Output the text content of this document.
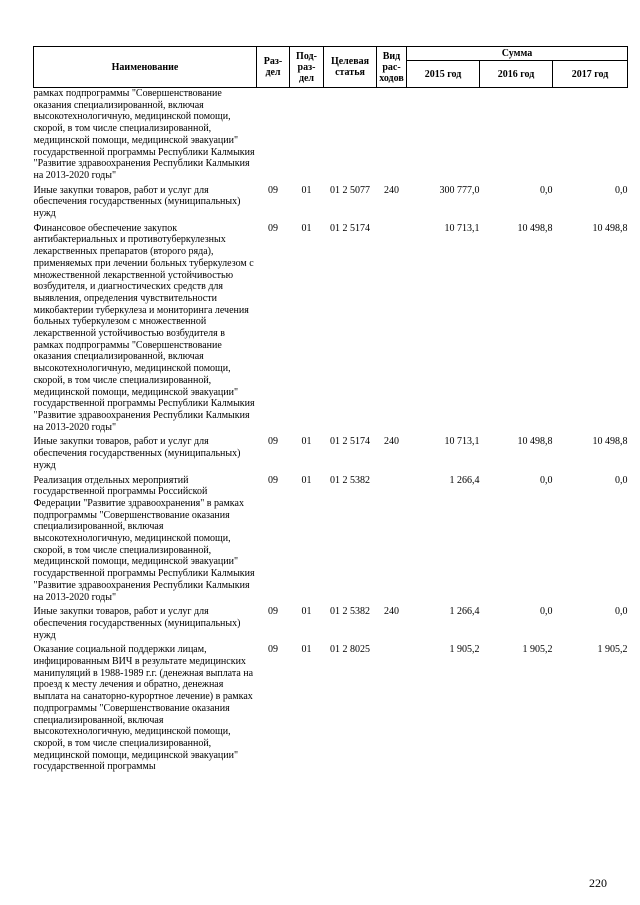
Наименование	Раз-дел	Под-раз-дел	Целевая статья	Вид рас-ходов	Сумма		
					2015 год	2016 год	2017 год
рамках подпрограммы "Совершенствование оказания специализированной, включая высокотехнологичную, медицинской помощи, скорой, в том числе специализированной, медицинской помощи, медицинской эвакуации" государственной программы Республики Калмыкия "Развитие здравоохранения Республики Калмыкия на 2013-2020 годы"							

Иные закупки товаров, работ и услуг для обеспечения государственных (муниципальных) нужд	09	01	01 2 5077	240	300 777,0	0,0	0,0

Финансовое обеспечение закупок антибактериальных и противотуберкулезных лекарственных препаратов (второго ряда), применяемых при лечении больных туберкулезом с множественной лекарственной устойчивостью возбудителя, и диагностических средств для выявления, определения чувствительности микобактерии туберкулеза и мониторинга лечения больных туберкулезом с множественной лекарственной устойчивостью возбудителя в рамках подпрограммы "Совершенствование оказания специализированной, включая высокотехнологичную, медицинской помощи, скорой, в том числе специализированной, медицинской помощи, медицинской эвакуации" государственной программы Республики Калмыкия "Развитие здравоохранения Республики Калмыкия на 2013-2020 годы"	09	01	01 2 5174		10 713,1	10 498,8	10 498,8

Иные закупки товаров, работ и услуг для обеспечения государственных (муниципальных) нужд	09	01	01 2 5174	240	10 713,1	10 498,8	10 498,8

Реализация отдельных мероприятий государственной программы Российской Федерации "Развитие здравоохранения" в рамках подпрограммы "Совершенствование оказания специализированной, включая высокотехнологичную, медицинской помощи, скорой, в том числе специализированной, медицинской помощи, медицинской эвакуации" государственной программы Республики Калмыкия "Развитие здравоохранения Республики Калмыкия на 2013-2020 годы"	09	01	01 2 5382		1 266,4	0,0	0,0

Иные закупки товаров, работ и услуг для обеспечения государственных (муниципальных) нужд	09	01	01 2 5382	240	1 266,4	0,0	0,0

Оказание социальной поддержки лицам, инфицированным ВИЧ в результате медицинских манипуляций в 1988-1989 г.г. (денежная выплата на проезд к месту лечения и обратно, денежная выплата на санаторно-курортное лечение) в рамках подпрограммы "Совершенствование оказания специализированной, включая высокотехнологичную, медицинской помощи, скорой, в том числе специализированной, медицинской помощи, медицинской эвакуации" государственной программы	09	01	01 2 8025		1 905,2	1 905,2	1 905,2
220
